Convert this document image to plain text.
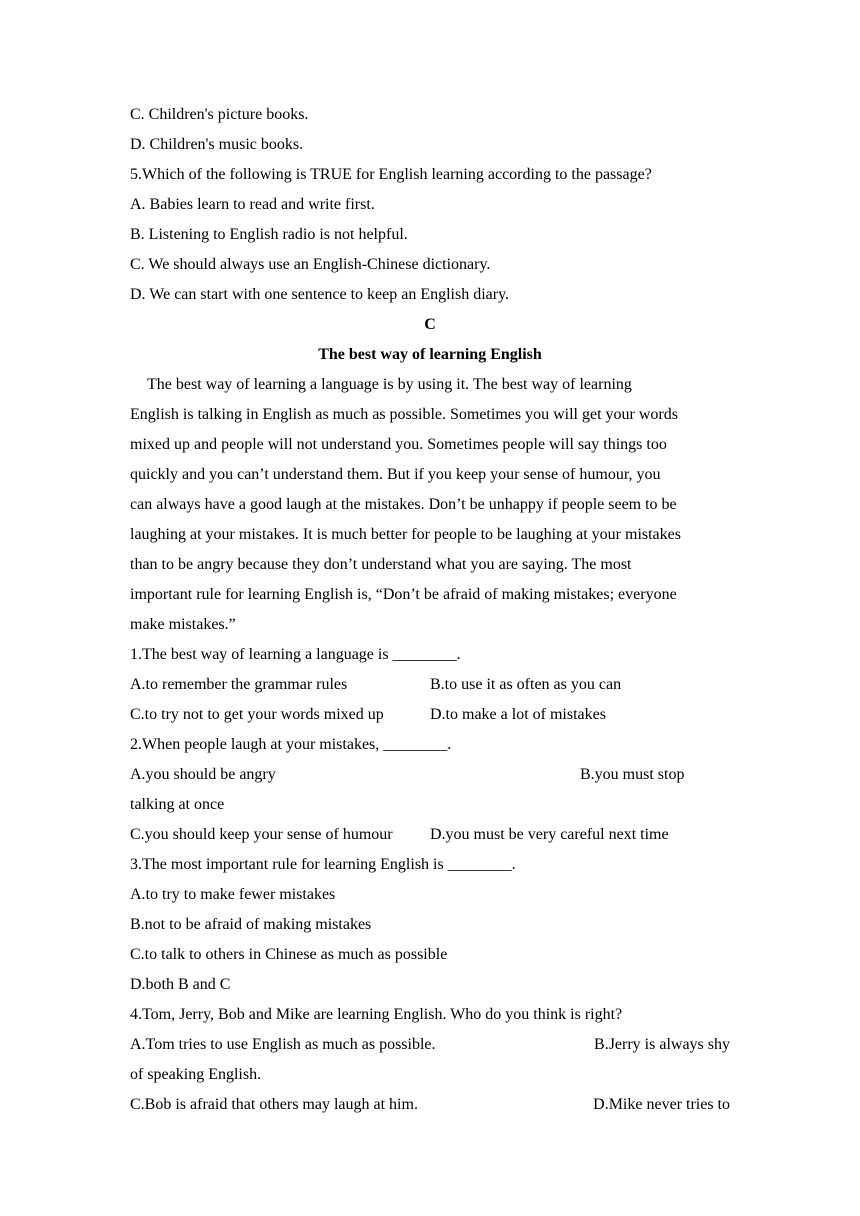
C. Children's picture books.
D. Children's music books.
5.Which of the following is TRUE for English learning according to the passage?
A. Babies learn to read and write first.
B. Listening to English radio is not helpful.
C. We should always use an English-Chinese dictionary.
D. We can start with one sentence to keep an English diary.
C
The best way of learning English
The best way of learning a language is by using it. The best way of learning
English is talking in English as much as possible. Sometimes you will get your words
mixed up and people will not understand you. Sometimes people will say things too
quickly and you can’t understand them. But if you keep your sense of humour, you
can always have a good laugh at the mistakes. Don’t be unhappy if people seem to be
laughing at your mistakes. It is much better for people to be laughing at your mistakes
than to be angry because they don’t understand what you are saying. The most
important rule for learning English is, “Don’t be afraid of making mistakes; everyone
make mistakes.”
1.The best way of learning a language is ________.
A.to remember the grammar rules	B.to use it as often as you can
C.to try not to get your words mixed up	D.to make a lot of mistakes
2.When people laugh at your mistakes, ________.
A.you should be angry	B.you must stop
talking at once
C.you should keep your sense of humour D.you must be very careful next time
3.The most important rule for learning English is ________.
A.to try to make fewer mistakes
B.not to be afraid of making mistakes
C.to talk to others in Chinese as much as possible
D.both B and C
4.Tom, Jerry, Bob and Mike are learning English. Who do you think is right?
A.Tom tries to use English as much as possible.	B.Jerry is always shy
of speaking English.
C.Bob is afraid that others may laugh at him.	D.Mike never tries to
